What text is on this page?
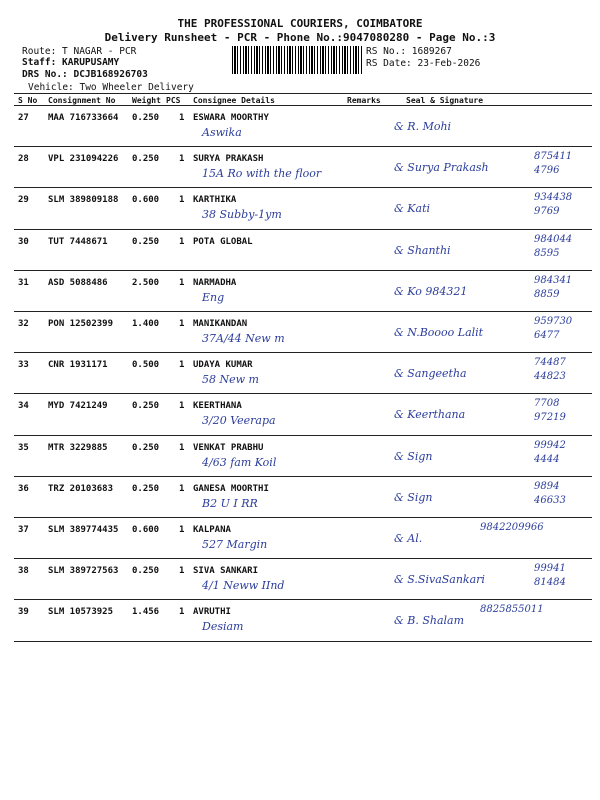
THE PROFESSIONAL COURIERS, COIMBATORE
Delivery Runsheet - PCR - Phone No.:9047080280 - Page No.:3
Route: T NAGAR - PCR
Staff: KARUPUSAMY
DRS No.: DCJB168926703
Vehicle: Two Wheeler Delivery
RS No.: 1689267
RS Date: 23-Feb-2026
S No Consignment No Weight PCS Consignee Details	Remarks	Seal & Signature
27 MAA 716733664 0.250 1 ESWARA MOORTHY
Aswika	& R. Mohi
28 VPL 231094226 0.250 1 SURYA PRAKASH
15A Ro with the floor	& Surya Prakash
875411
4796
29 SLM 389809188 0.600 1 KARTHIKA
38 Subby-1ym	& Kati
934438
9769
30 TUT 7448671	0.250 1 POTA GLOBAL
& Shanthi
984044
8595
31 ASD 5088486	2.500 1 NARMADHA
Eng	& Ko 984321
984341
8859
32 PON 12502399 1.400 1 MANIKANDAN
37A/44 New m	& N.Boooo Lalit
959730
6477
33 CNR 1931171	0.500 1 UDAYA KUMAR
58 New m	& Sangeetha
74487
44823
34 MYD 7421249	0.250 1 KEERTHANA
3/20 Veerapa	& Keerthana
7708
97219
35 MTR 3229885	0.250 1 VENKAT PRABHU
4/63 fam Koil	& Sign
99942
4444
36 TRZ 20103683 0.250 1 GANESA MOORTHI
B2 U I RR	& Sign
9894
46633
37 SLM 389774435 0.600 1 KALPANA
527 Margin	& Al.
9842209966
38 SLM 389727563 0.250 1 SIVA SANKARI
4/1 Neww IInd	& S.SivaSankari
99941
81484
39 SLM 10573925 1.456 1 AVRUTHI
Desiam	& B. Shalam
8825855011
